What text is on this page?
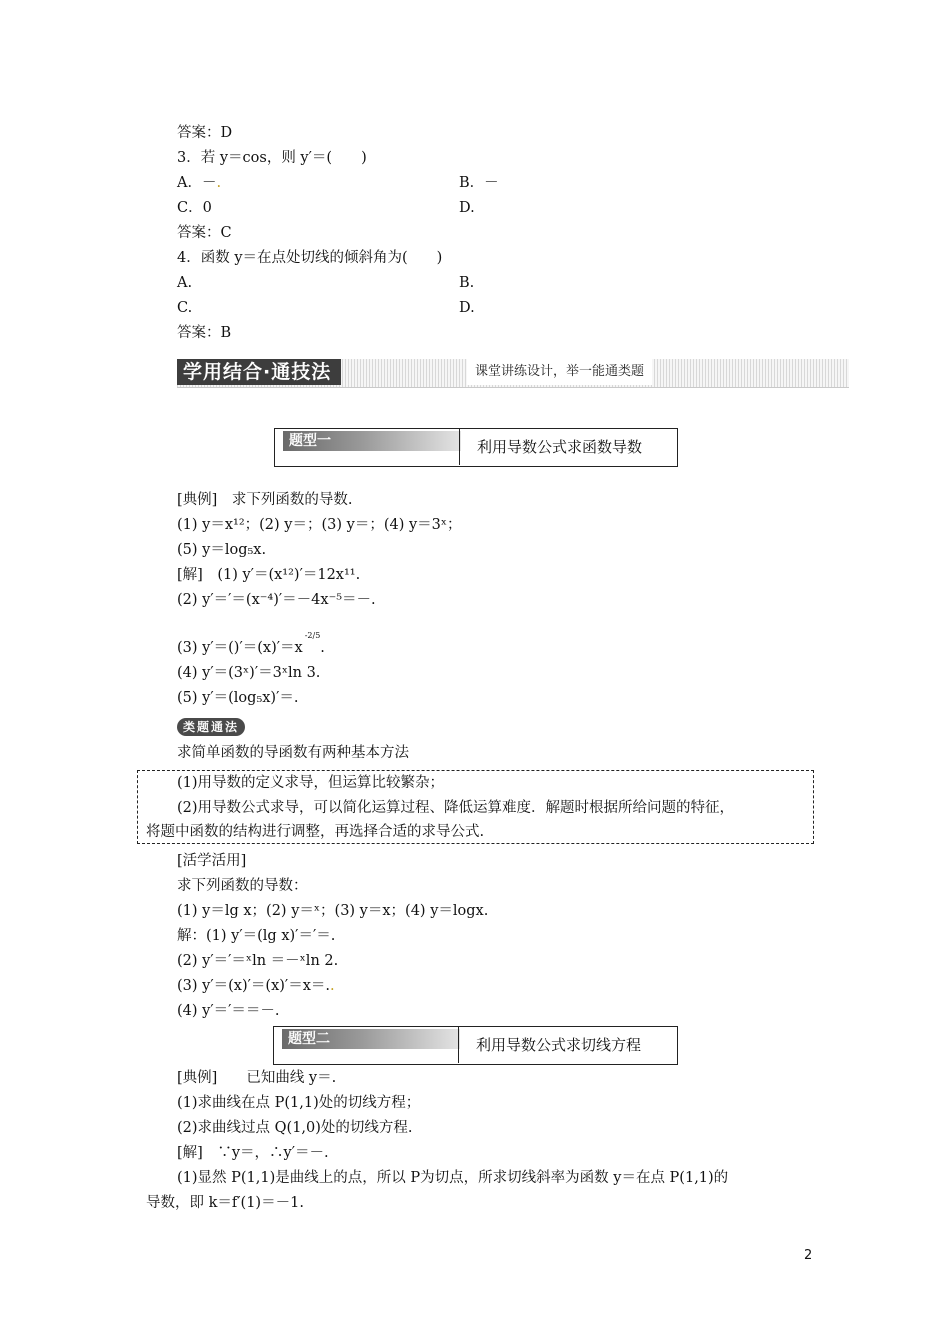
答案：D
3．若 y＝cos，则 y′＝(　　)
A．－.	B．－
C．0	D.
答案：C
4．函数 y＝在点处切线的倾斜角为(　　)
A.	B.
C.	D.
答案：B
学用结合·通技法	课堂讲练设计，举一能通类题
题型一	利用导数公式求函数导数
[典例]　求下列函数的导数.
(1) y＝x¹²；(2) y＝；(3) y＝；(4) y＝3ˣ；
(5) y＝log₅x.
[解]　(1) y′＝(x¹²)′＝12x¹¹.
(2) y′＝′＝(x⁻⁴)′＝－4x⁻⁵＝－.
(3) $y'=()'=(x)'=x^{-2/5}$.
(4) y′＝(3ˣ)′＝3ˣln 3.
(5) y′＝(log₅x)′＝.
类题通法
求简单函数的导函数有两种基本方法
(1)用导数的定义求导，但运算比较繁杂；
(2)用导数公式求导，可以简化运算过程、降低运算难度．解题时根据所给问题的特征，
将题中函数的结构进行调整，再选择合适的求导公式.
[活学活用]
求下列函数的导数：
(1) y＝lg x；(2) y＝ˣ；(3) y＝x；(4) y＝logx.
解：(1) y′＝(lg x)′＝′＝.
(2) y′＝′＝ˣln ＝－ˣln 2.
(3) y′＝(x)′＝(x)′＝x＝..
(4) y′＝′＝＝－.
题型二	利用导数公式求切线方程
[典例]　　已知曲线 y＝.
(1)求曲线在点 P(1,1)处的切线方程；
(2)求曲线过点 Q(1,0)处的切线方程.
[解]　∵y＝，∴y′＝－.
(1)显然 P(1,1)是曲线上的点，所以 P为切点，所求切线斜率为函数 y＝在点 P(1,1)的
导数，即 k＝f′(1)＝－1.
2
